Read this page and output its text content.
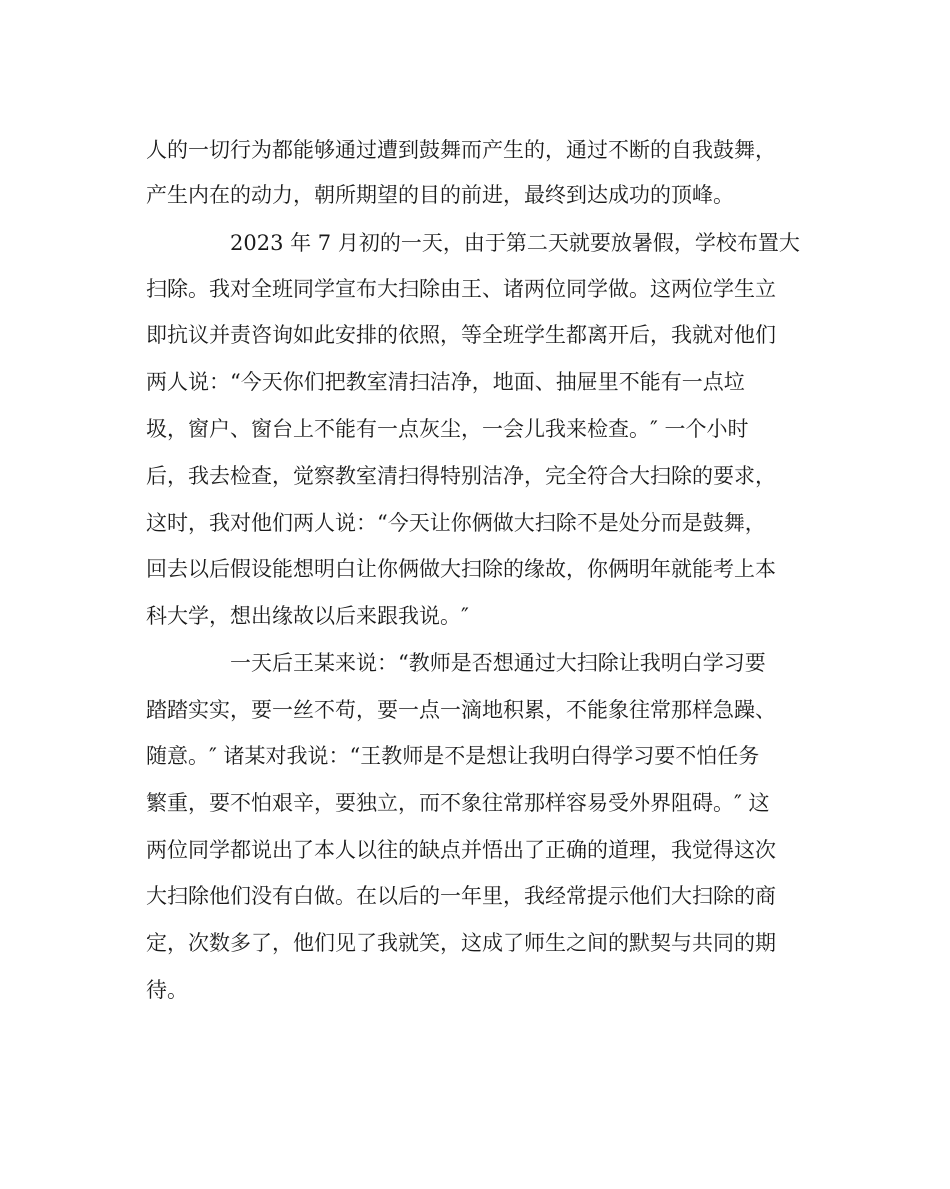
人的一切行为都能够通过遭到鼓舞而产生的，通过不断的自我鼓舞，
产生内在的动力，朝所期望的目的前进，最终到达成功的顶峰。
2023 年 7 月初的一天，由于第二天就要放暑假，学校布置大
扫除。我对全班同学宣布大扫除由王、诸两位同学做。这两位学生立
即抗议并责咨询如此安排的依照，等全班学生都离开后，我就对他们
两人说：“今天你们把教室清扫洁净，地面、抽屉里不能有一点垃
圾，窗户、窗台上不能有一点灰尘，一会儿我来检查。″ 一个小时
后，我去检查，觉察教室清扫得特别洁净，完全符合大扫除的要求，
这时，我对他们两人说：“今天让你俩做大扫除不是处分而是鼓舞，
回去以后假设能想明白让你俩做大扫除的缘故，你俩明年就能考上本
科大学，想出缘故以后来跟我说。″
一天后王某来说：“教师是否想通过大扫除让我明白学习要
踏踏实实，要一丝不苟，要一点一滴地积累，不能象往常那样急躁、
随意。″ 诸某对我说：“王教师是不是想让我明白得学习要不怕任务
繁重，要不怕艰辛，要独立，而不象往常那样容易受外界阻碍。″ 这
两位同学都说出了本人以往的缺点并悟出了正确的道理，我觉得这次
大扫除他们没有白做。在以后的一年里，我经常提示他们大扫除的商
定，次数多了，他们见了我就笑，这成了师生之间的默契与共同的期
待。
